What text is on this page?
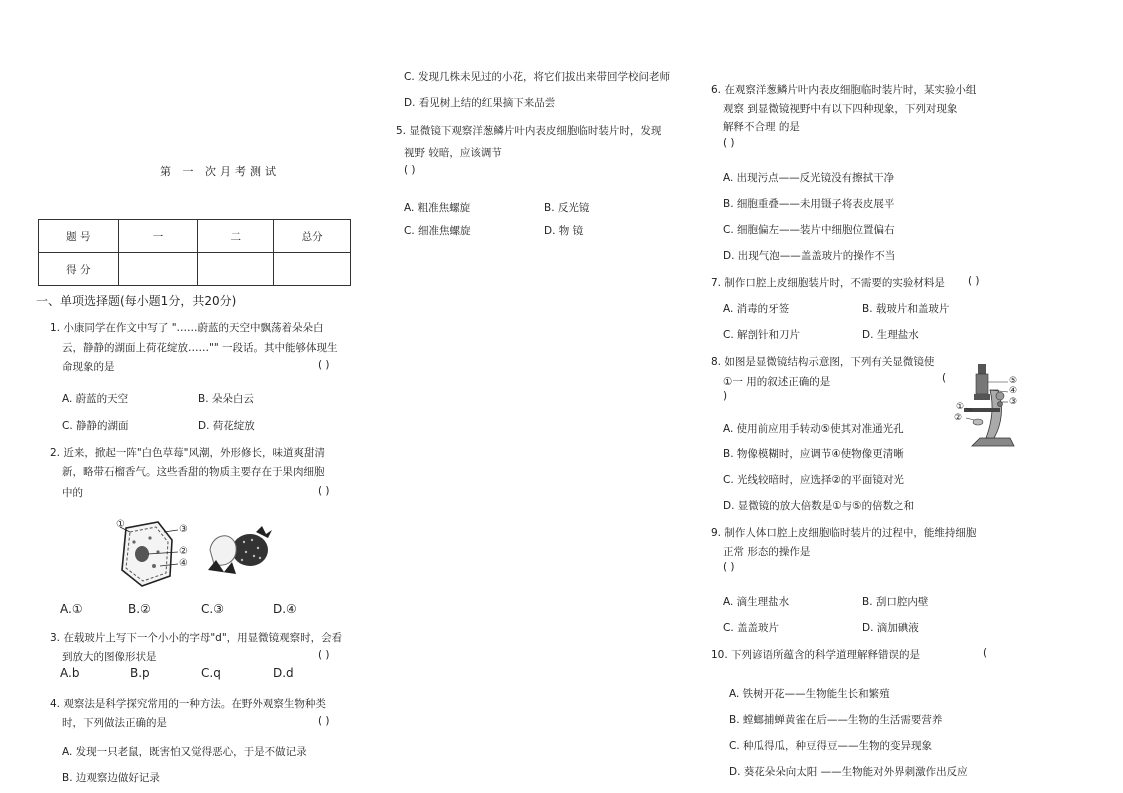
第 一 次月考测试
题 号	一	二	总分
得 分			
一、单项选择题(每小题1分，共20分)
1. 小康同学在作文中写了 "……蔚蓝的天空中飘荡着朵朵白
云，静静的湖面上荷花绽放……"" 一段话。其中能够体现生
命现象的是	( )
A. 蔚蓝的天空	B. 朵朵白云
C. 静静的湖面	D. 荷花绽放
2. 近来，掀起一阵"白色草莓"风潮，外形修长，味道爽甜清
新，略带石榴香气。这些香甜的物质主要存在于果肉细胞
中的	( )
①	③
②
④
A.①	B.②	C.③	D.④
3. 在载玻片上写下一个小小的字母"d"，用显微镜观察时，会看
到放大的图像形状是	( )
A.b	B.p	C.q	D.d
4. 观察法是科学探究常用的一种方法。在野外观察生物种类
时，下列做法正确的是	( )
A. 发现一只老鼠，既害怕又觉得恶心，于是不做记录
B. 边观察边做好记录
C. 发现几株未见过的小花，将它们拔出来带回学校问老师
D. 看见树上结的红果摘下来品尝
5. 显微镜下观察洋葱鳞片叶内表皮细胞临时装片时，发现
视野 较暗，应该调节
( )
A. 粗准焦螺旋	B. 反光镜
C. 细准焦螺旋	D. 物 镜
6. 在观察洋葱鳞片叶内表皮细胞临时装片时，某实验小组
观察 到显微镜视野中有以下四种现象，下列对现象
解释不合理 的是
( )
A. 出现污点——反光镜没有擦拭干净
B. 细胞重叠——未用镊子将表皮展平
C. 细胞偏左——装片中细胞位置偏右
D. 出现气泡——盖盖玻片的操作不当
7. 制作口腔上皮细胞装片时，不需要的实验材料是 ( )
A. 消毒的牙签	B. 载玻片和盖玻片
C. 解剖针和刀片	D. 生理盐水
8. 如图是显微镜结构示意图，下列有关显微镜使
①一 用的叙述正确的是	(
)
⑤
④
③
①
②
A. 使用前应用手转动⑤使其对准通光孔
B. 物像模糊时，应调节④使物像更清晰
C. 光线较暗时，应选择②的平面镜对光
D. 显微镜的放大倍数是①与⑤的倍数之和
9. 制作人体口腔上皮细胞临时装片的过程中，能维持细胞
正常 形态的操作是
( )
A. 滴生理盐水	B. 刮口腔内壁
C. 盖盖玻片	D. 滴加碘液
10. 下列谚语所蕴含的科学道理解释错误的是	(
A. 铁树开花——生物能生长和繁殖
B. 螳螂捕蝉黄雀在后——生物的生活需要营养
C. 种瓜得瓜，种豆得豆——生物的变异现象
D. 葵花朵朵向太阳 ——生物能对外界刺激作出反应
